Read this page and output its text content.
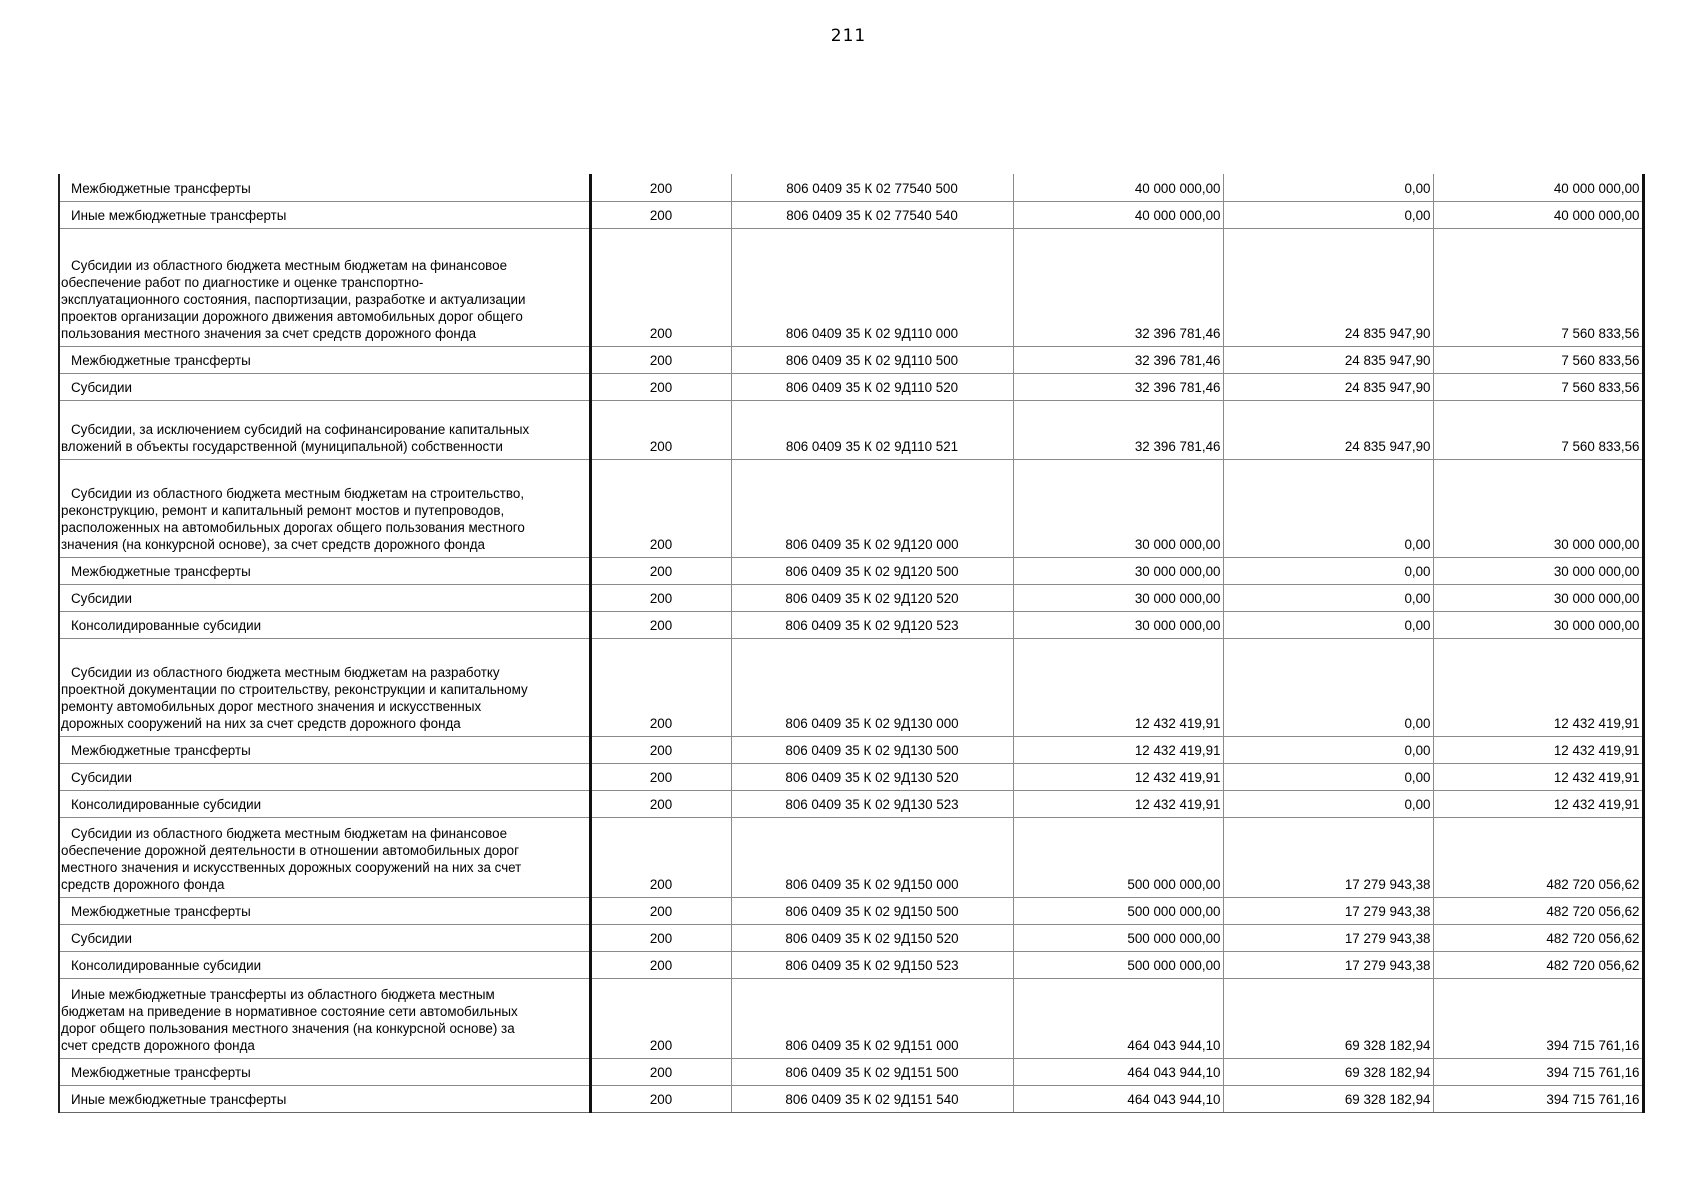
211
Межбюджетные трансферты	200	806 0409 35 К 02 77540 500	40 000 000,00	0,00	40 000 000,00
Иные межбюджетные трансферты	200	806 0409 35 К 02 77540 540	40 000 000,00	0,00	40 000 000,00

Субсидии из областного бюджета местным бюджетам на финансовое
обеспечение работ по диагностике и оценке транспортно-
эксплуатационного состояния, паспортизации, разработке и актуализации
проектов организации дорожного движения автомобильных дорог общего
пользования местного значения за счет средств дорожного фонда	200	806 0409 35 К 02 9Д110 000	32 396 781,46	24 835 947,90	7 560 833,56
Межбюджетные трансферты	200	806 0409 35 К 02 9Д110 500	32 396 781,46	24 835 947,90	7 560 833,56
Субсидии	200	806 0409 35 К 02 9Д110 520	32 396 781,46	24 835 947,90	7 560 833,56

Субсидии, за исключением субсидий на софинансирование капитальных
вложений в объекты государственной (муниципальной) собственности	200	806 0409 35 К 02 9Д110 521	32 396 781,46	24 835 947,90	7 560 833,56

Субсидии из областного бюджета местным бюджетам на строительство,
реконструкцию, ремонт и капитальный ремонт мостов и путепроводов,
расположенных на автомобильных дорогах общего пользования местного
значения (на конкурсной основе), за счет средств дорожного фонда	200	806 0409 35 К 02 9Д120 000	30 000 000,00	0,00	30 000 000,00
Межбюджетные трансферты	200	806 0409 35 К 02 9Д120 500	30 000 000,00	0,00	30 000 000,00
Субсидии	200	806 0409 35 К 02 9Д120 520	30 000 000,00	0,00	30 000 000,00
Консолидированные субсидии	200	806 0409 35 К 02 9Д120 523	30 000 000,00	0,00	30 000 000,00

Субсидии из областного бюджета местным бюджетам на разработку
проектной документации по строительству, реконструкции и капитальному
ремонту автомобильных дорог местного значения и искусственных
дорожных сооружений на них за счет средств дорожного фонда	200	806 0409 35 К 02 9Д130 000	12 432 419,91	0,00	12 432 419,91
Межбюджетные трансферты	200	806 0409 35 К 02 9Д130 500	12 432 419,91	0,00	12 432 419,91
Субсидии	200	806 0409 35 К 02 9Д130 520	12 432 419,91	0,00	12 432 419,91
Консолидированные субсидии	200	806 0409 35 К 02 9Д130 523	12 432 419,91	0,00	12 432 419,91

Субсидии из областного бюджета местным бюджетам на финансовое
обеспечение дорожной деятельности в отношении автомобильных дорог
местного значения и искусственных дорожных сооружений на них за счет
средств дорожного фонда	200	806 0409 35 К 02 9Д150 000	500 000 000,00	17 279 943,38	482 720 056,62
Межбюджетные трансферты	200	806 0409 35 К 02 9Д150 500	500 000 000,00	17 279 943,38	482 720 056,62
Субсидии	200	806 0409 35 К 02 9Д150 520	500 000 000,00	17 279 943,38	482 720 056,62
Консолидированные субсидии	200	806 0409 35 К 02 9Д150 523	500 000 000,00	17 279 943,38	482 720 056,62

Иные межбюджетные трансферты из областного бюджета местным
бюджетам на приведение в нормативное состояние сети автомобильных
дорог общего пользования местного значения (на конкурсной основе) за
счет средств дорожного фонда	200	806 0409 35 К 02 9Д151 000	464 043 944,10	69 328 182,94	394 715 761,16
Межбюджетные трансферты	200	806 0409 35 К 02 9Д151 500	464 043 944,10	69 328 182,94	394 715 761,16
Иные межбюджетные трансферты	200	806 0409 35 К 02 9Д151 540	464 043 944,10	69 328 182,94	394 715 761,16
